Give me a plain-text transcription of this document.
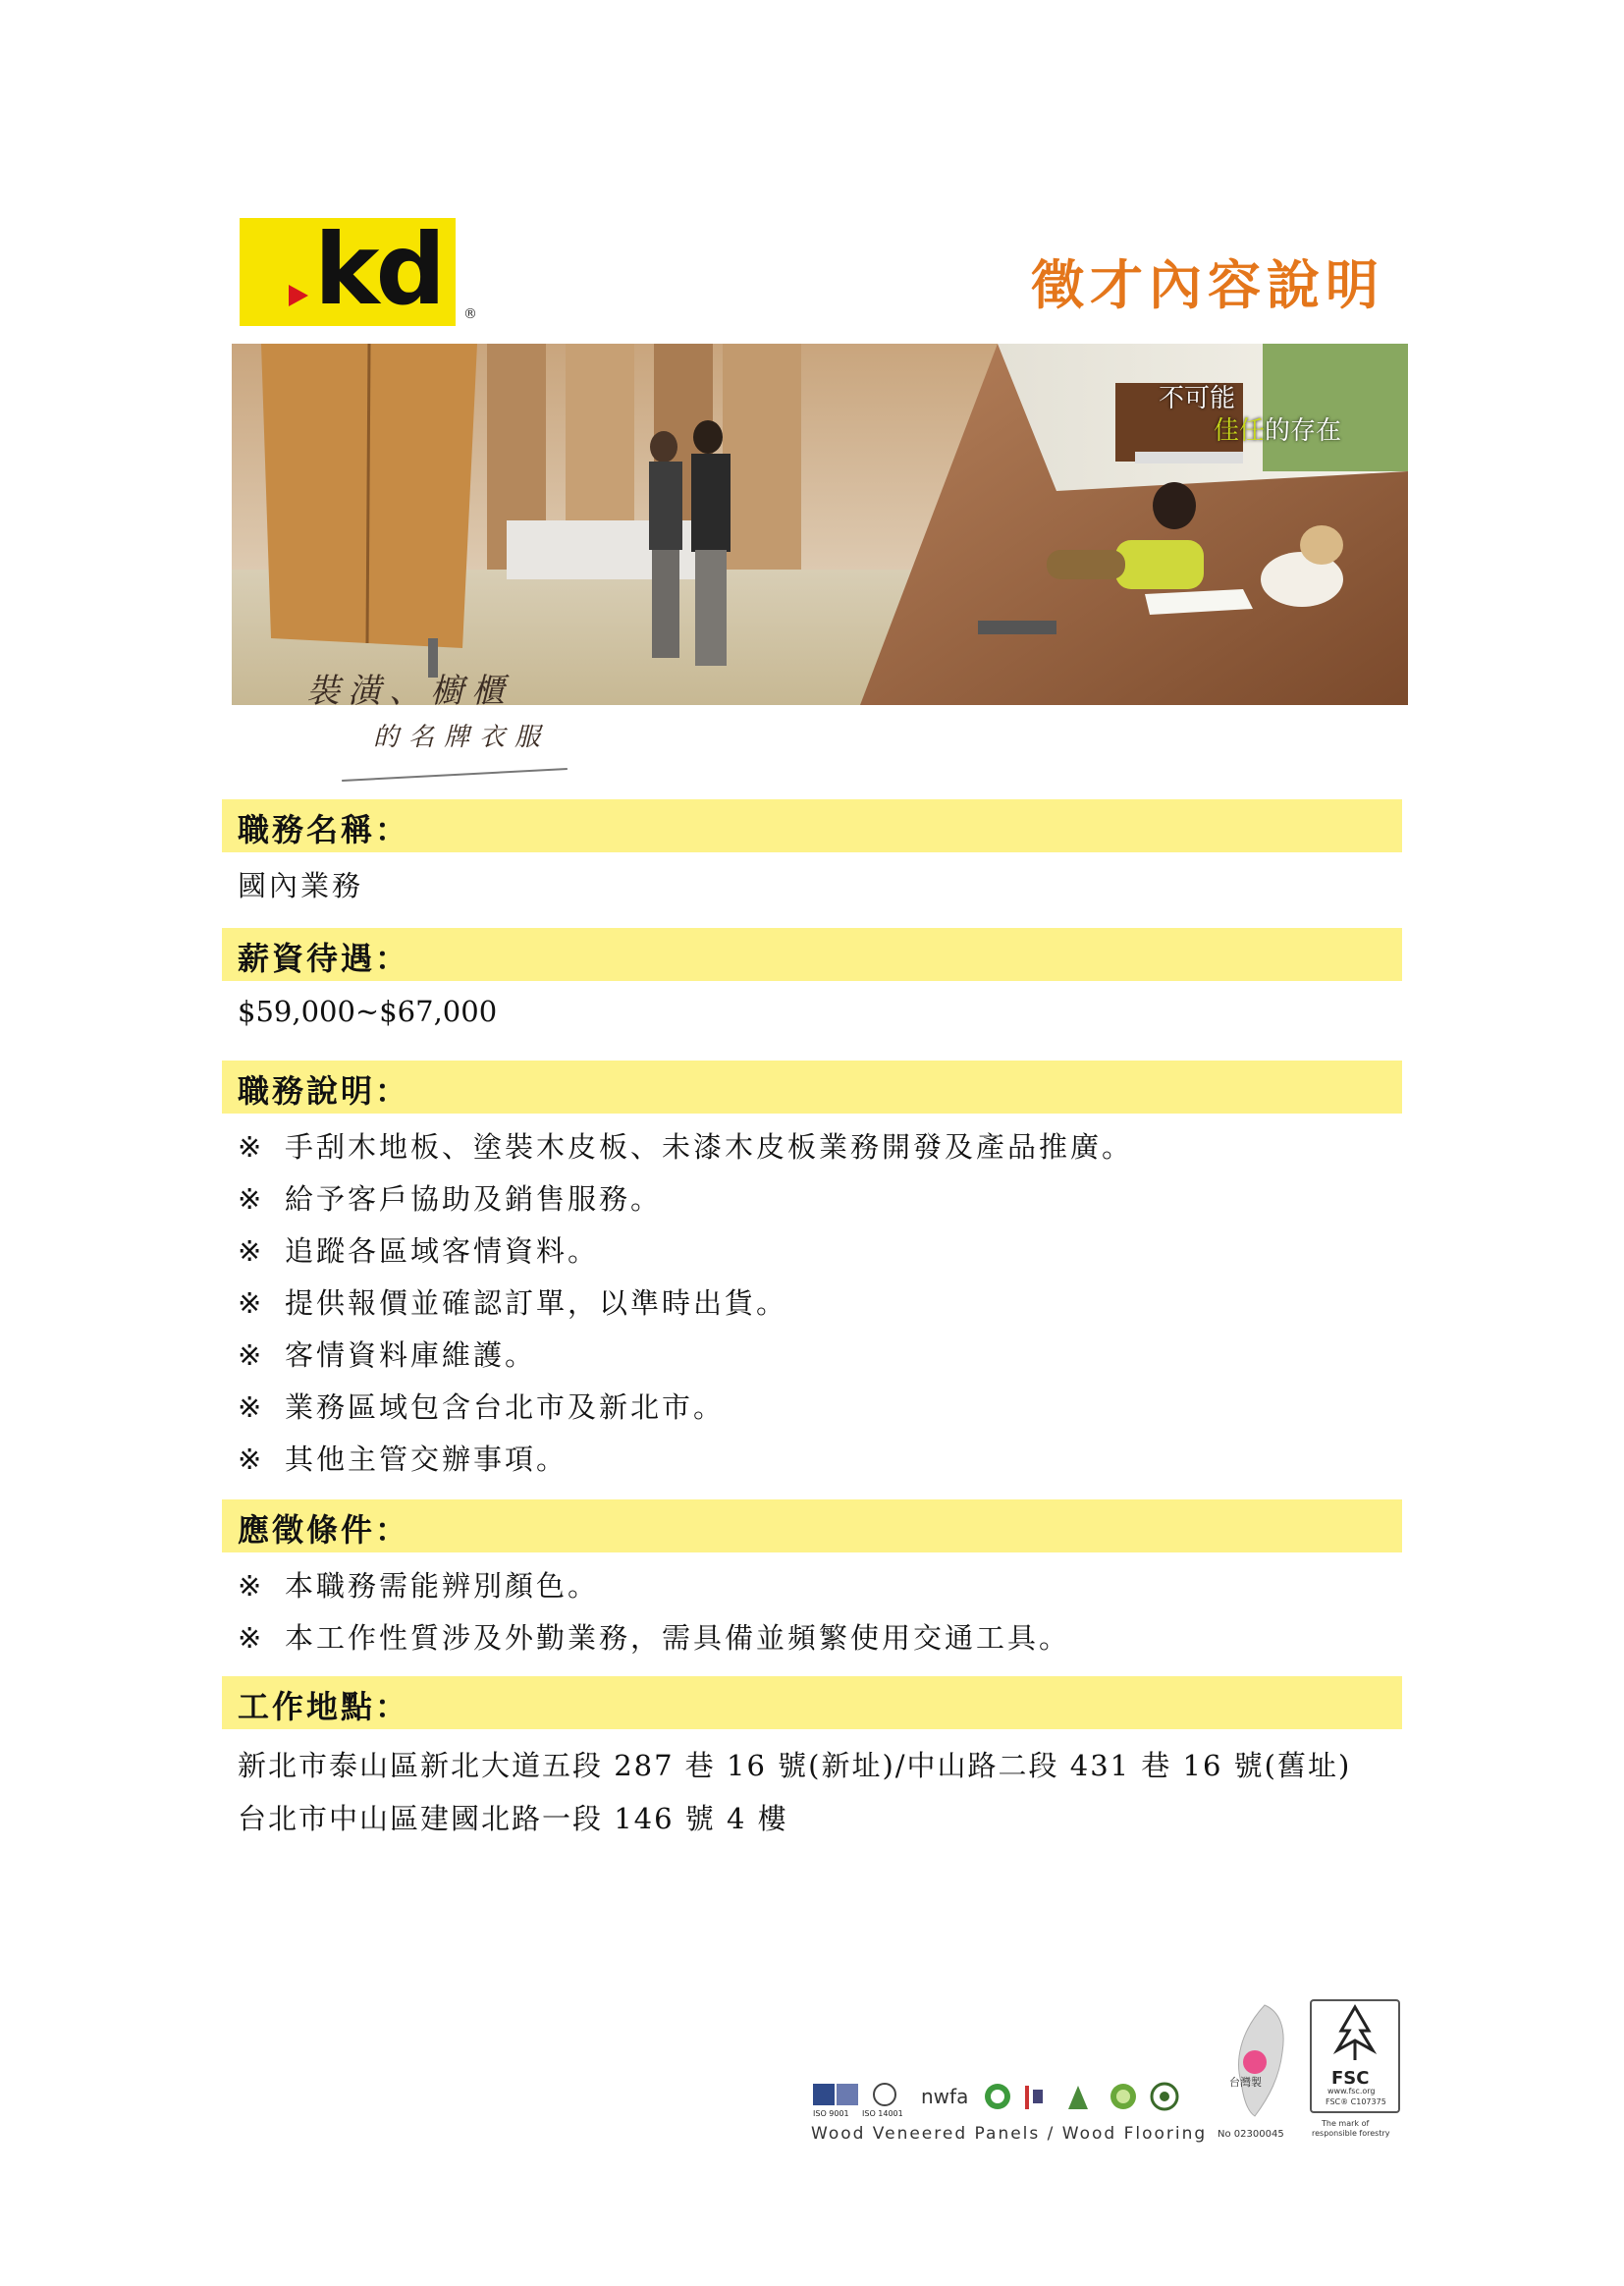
kd ®	徵才內容說明
不可能
佳任的存在
裝潢、櫥櫃
的名牌衣服
職務名稱：
國內業務
薪資待遇：
$59,000~$67,000
職務說明：
※ 手刮木地板、塗裝木皮板、未漆木皮板業務開發及產品推廣。
※ 給予客戶協助及銷售服務。
※ 追蹤各區域客情資料。
※ 提供報價並確認訂單，以準時出貨。
※ 客情資料庫維護。
※ 業務區域包含台北市及新北市。
※ 其他主管交辦事項。
應徵條件：
※ 本職務需能辨別顏色。
※ 本工作性質涉及外勤業務，需具備並頻繁使用交通工具。
工作地點：
新北市泰山區新北大道五段 287 巷 16 號(新址)/中山路二段 431 巷 16 號(舊址)
台北市中山區建國北路一段 146 號 4 樓
ISO 9001 ISO 14001
nwfa
Wood Veneered Panels / Wood Flooring No 02300045
台灣製	FSC
www.fsc.org
FSC® C107375
The mark of
responsible forestry
